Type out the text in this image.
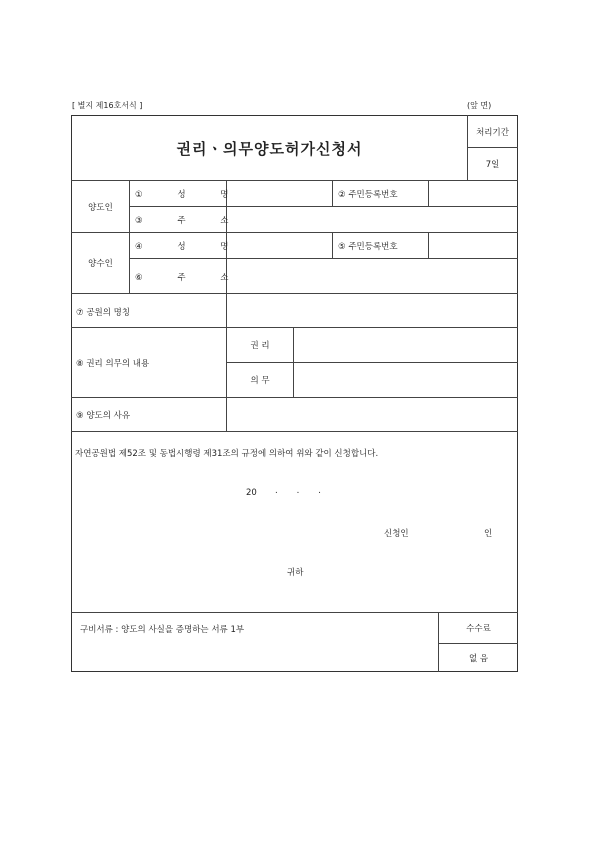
[ 별지 제16호서식 ]	(앞 면)
권리ㆍ의무양도허가신청서
처리기간
7일
양도인
① 성 명	② 주민등록번호
③ 주 소
양수인
④ 성 명	⑤ 주민등록번호
⑥ 주 소
⑦ 공원의 명칭
⑧ 권리 의무의 내용
권 리
의 무
⑨ 양도의 사유
자연공원법 제52조 및 동법시행령 제31조의 규정에 의하여 위와 같이 신청합니다.
20 .       .       .
신청인	인
귀하
구비서류 : 양도의 사실을 증명하는 서류 1부	수수료
없 음
